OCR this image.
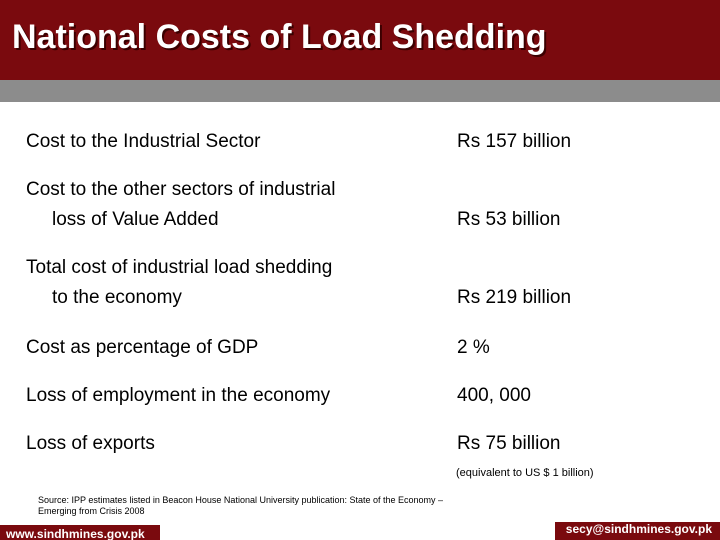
National Costs of Load Shedding
Cost to the Industrial Sector	Rs 157 billion
Cost to the other sectors of industrial
loss of Value Added	Rs 53 billion
Total cost of industrial load shedding
to the economy	Rs 219 billion
Cost as percentage of GDP	2 %
Loss of employment in the economy	400, 000
Loss of exports	Rs 75 billion
(equivalent to US $ 1 billion)
Source: IPP estimates listed in Beacon House National University publication: State of the Economy – Emerging from Crisis 2008
www.sindhmines.gov.pk	secy@sindhmines.gov.pk
